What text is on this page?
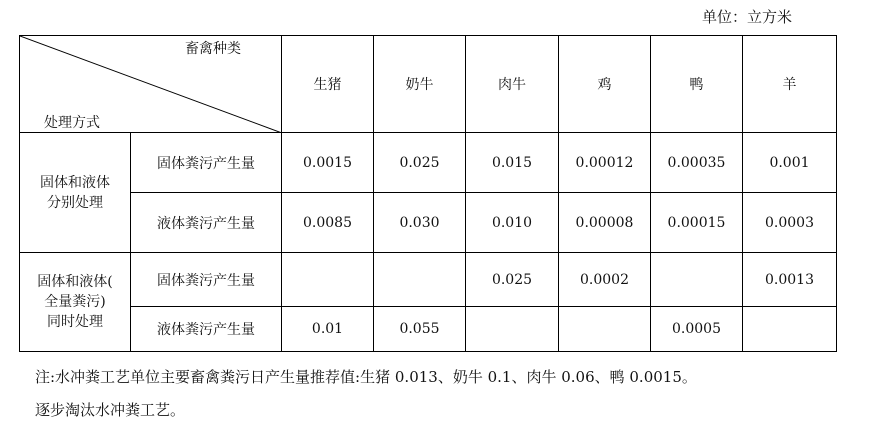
单位：立方米
畜禽种类
处理方式		生猪	奶牛	肉牛	鸡	鸭	羊

固体和液体
分别处理	固体粪污产生量	0.0015	0.025	0.015	0.00012	0.00035	0.001
	液体粪污产生量	0.0085	0.030	0.010	0.00008	0.00015	0.0003

固体和液体(
全量粪污)
同时处理	固体粪污产生量			0.025	0.0002		0.0013
	液体粪污产生量	0.01	0.055			0.0005	
注:水冲粪工艺单位主要畜禽粪污日产生量推荐值:生猪 0.013、奶牛 0.1、肉牛 0.06、鸭 0.0015。
逐步淘汰水冲粪工艺。
